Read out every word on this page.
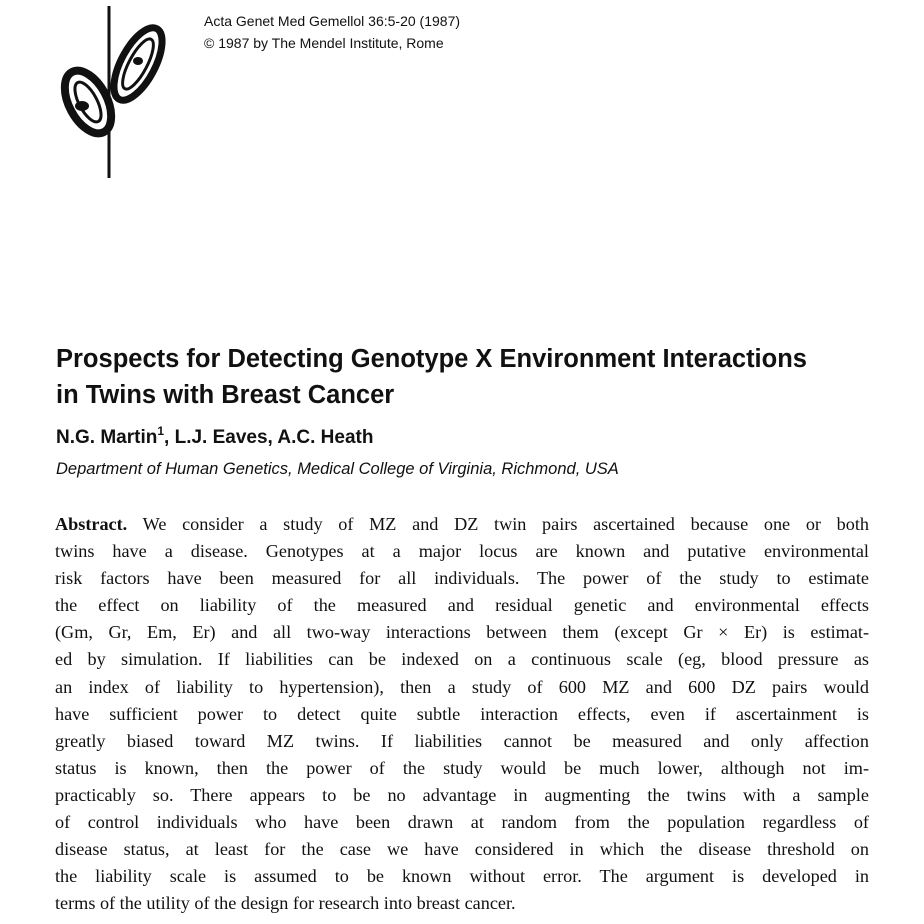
Acta Genet Med Gemellol 36:5-20 (1987)
© 1987 by The Mendel Institute, Rome
Prospects for Detecting Genotype X Environment Interactions
in Twins with Breast Cancer
N.G. Martin$^1$, L.J. Eaves, A.C. Heath
Department of Human Genetics, Medical College of Virginia, Richmond, USA
Abstract. We consider a study of MZ and DZ twin pairs ascertained because one or both
twins have a disease. Genotypes at a major locus are known and putative environmental
risk factors have been measured for all individuals. The power of the study to estimate
the effect on liability of the measured and residual genetic and environmental effects
(Gm, Gr, Em, Er) and all two-way interactions between them (except Gr × Er) is estimat-
ed by simulation. If liabilities can be indexed on a continuous scale (eg, blood pressure as
an index of liability to hypertension), then a study of 600 MZ and 600 DZ pairs would
have sufficient power to detect quite subtle interaction effects, even if ascertainment is
greatly biased toward MZ twins. If liabilities cannot be measured and only affection
status is known, then the power of the study would be much lower, although not im-
practicably so. There appears to be no advantage in augmenting the twins with a sample
of control individuals who have been drawn at random from the population regardless of
disease status, at least for the case we have considered in which the disease threshold on
the liability scale is assumed to be known without error. The argument is developed in
terms of the utility of the design for research into breast cancer.
